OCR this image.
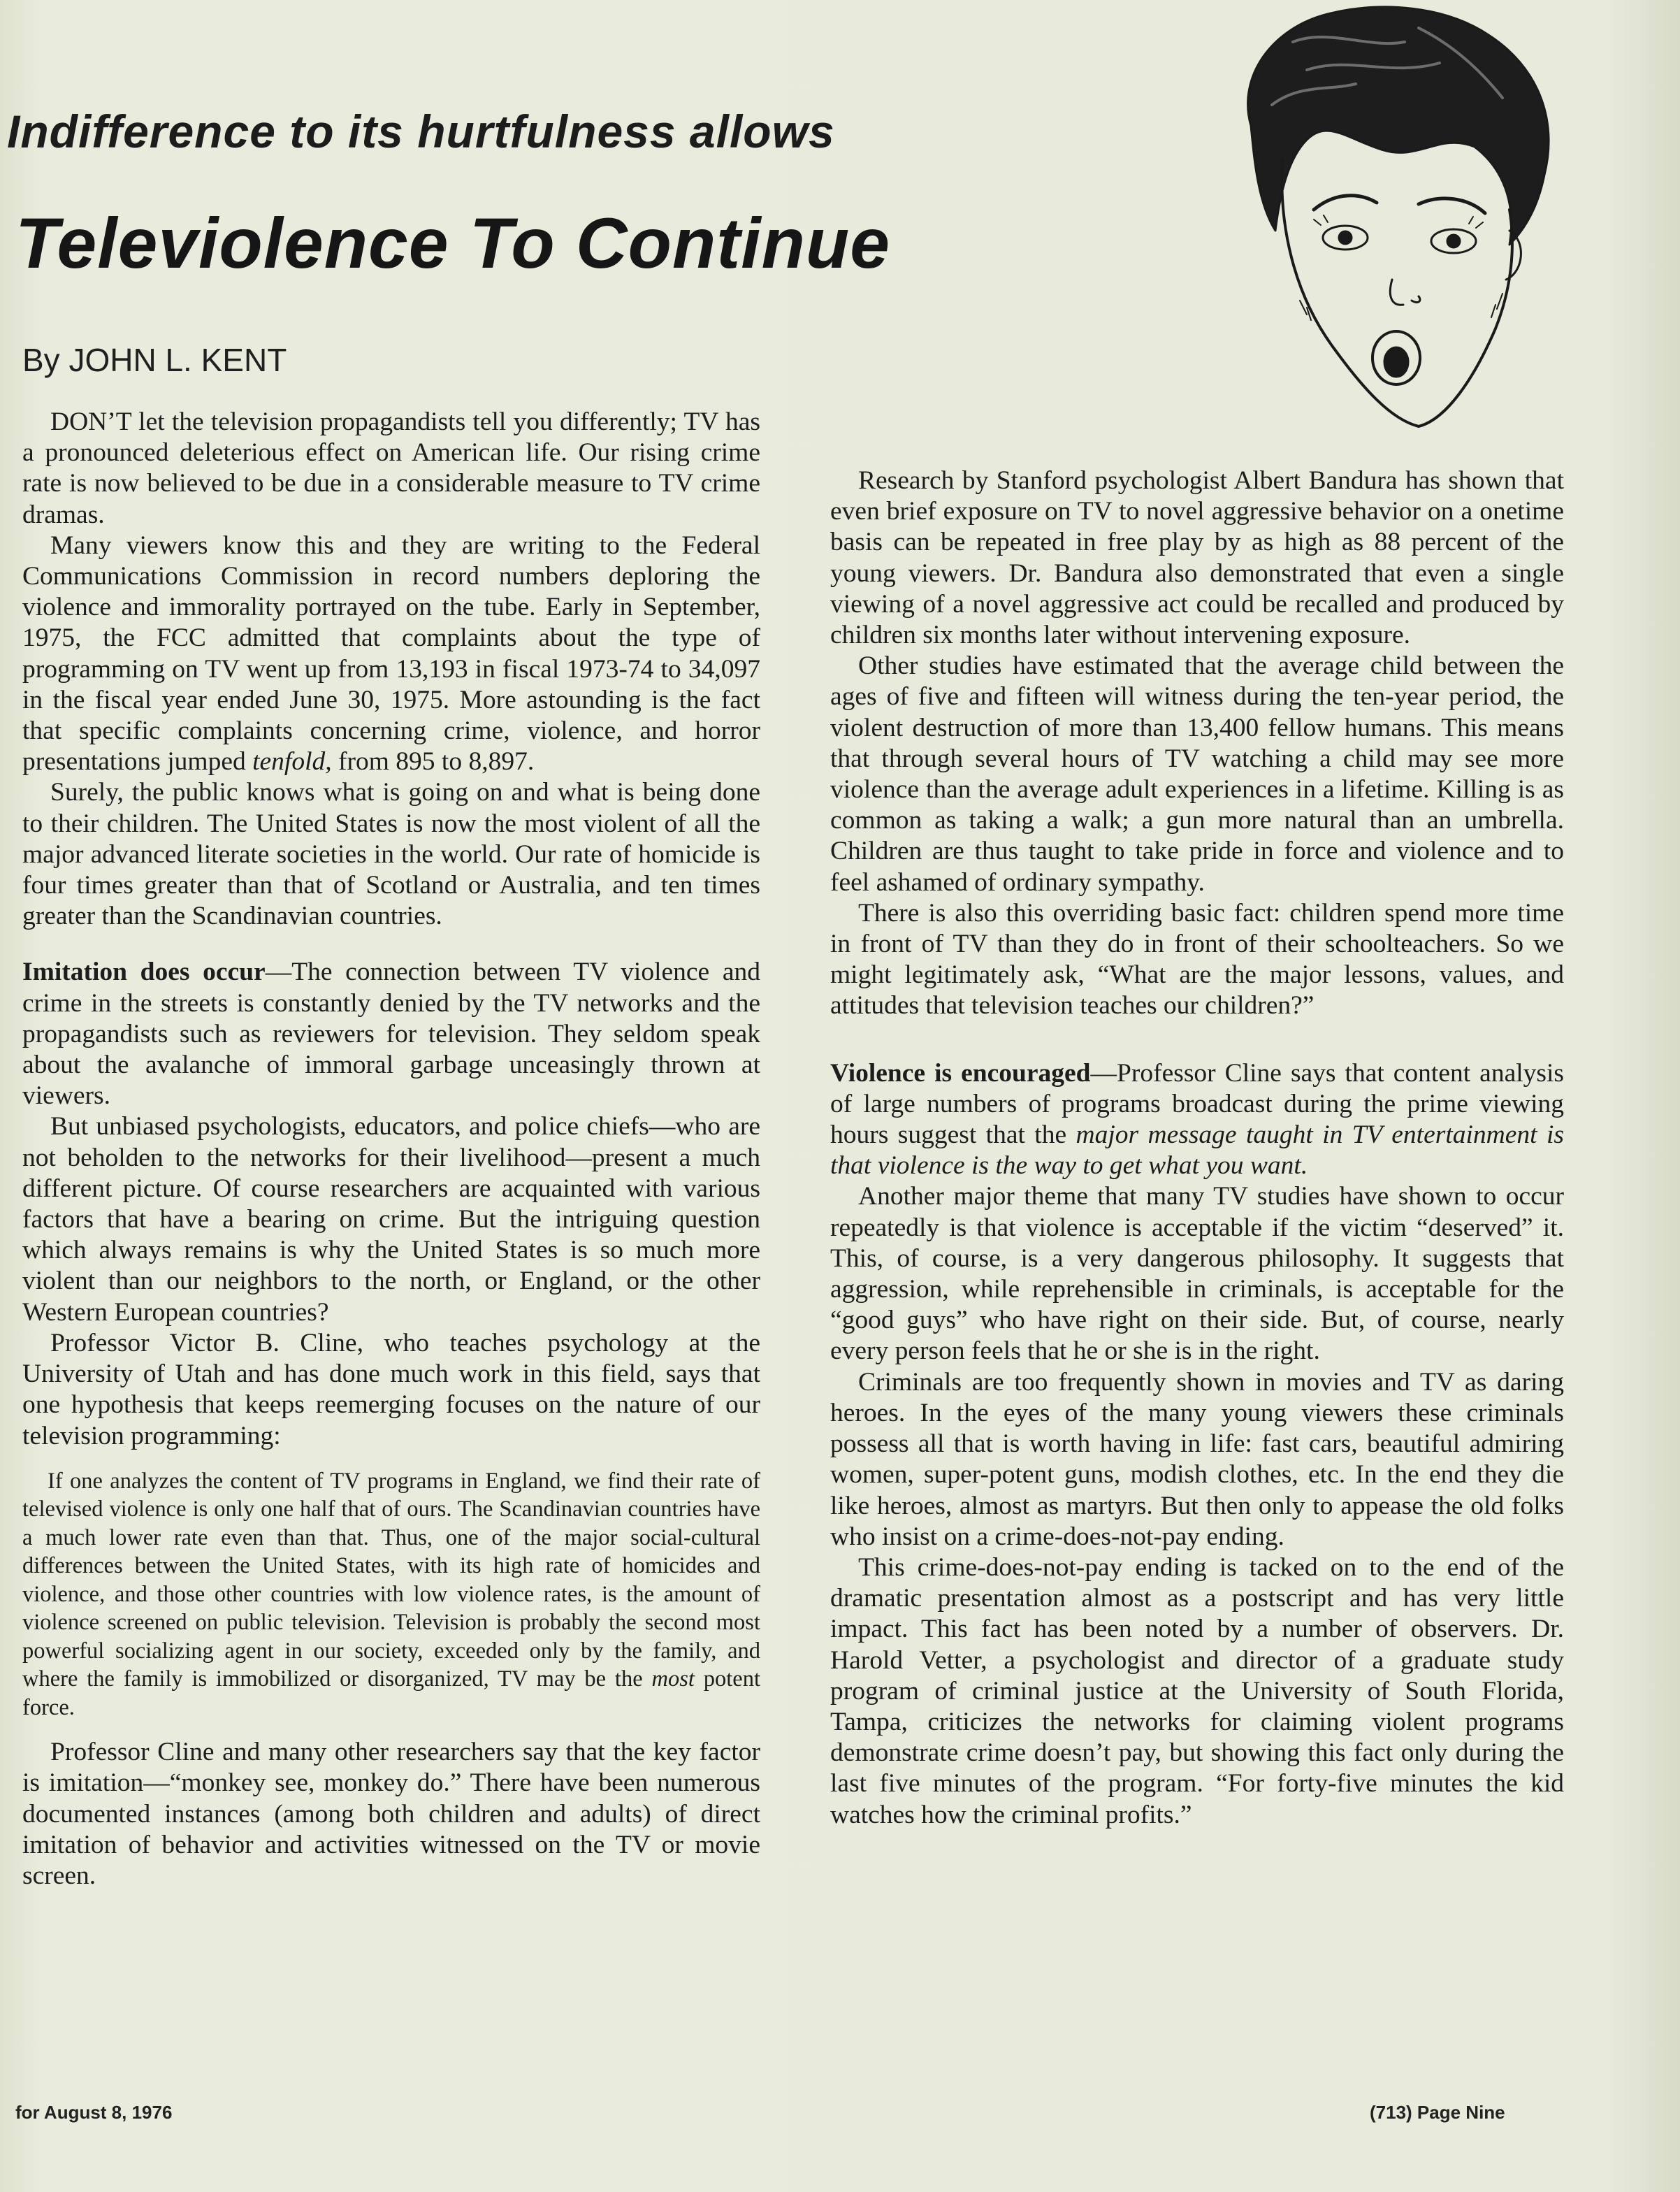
Indifference to its hurtfulness allows
Televiolence To Continue
By JOHN L. KENT

DON’T let the television propagandists tell you differently; TV has a pronounced deleterious effect on American life. Our rising crime rate is now believed to be due in a considerable measure to TV crime dramas.

Many viewers know this and they are writing to the Federal Communications Commission in record numbers deploring the violence and immorality portrayed on the tube. Early in September, 1975, the FCC admitted that complaints about the type of programming on TV went up from 13,193 in fiscal 1973-74 to 34,097 in the fiscal year ended June 30, 1975. More astounding is the fact that specific complaints concerning crime, violence, and horror presentations jumped tenfold, from 895 to 8,897.

Surely, the public knows what is going on and what is being done to their children. The United States is now the most violent of all the major advanced literate societies in the world. Our rate of homicide is four times greater than that of Scotland or Australia, and ten times greater than the Scandinavian countries.

Imitation does occur—The connection between TV violence and crime in the streets is constantly denied by the TV networks and the propagandists such as reviewers for television. They seldom speak about the avalanche of immoral garbage unceasingly thrown at viewers.

But unbiased psychologists, educators, and police chiefs—who are not beholden to the networks for their livelihood—present a much different picture. Of course researchers are acquainted with various factors that have a bearing on crime. But the intriguing question which always remains is why the United States is so much more violent than our neighbors to the north, or England, or the other Western European countries?

Professor Victor B. Cline, who teaches psychology at the University of Utah and has done much work in this field, says that one hypothesis that keeps reemerging focuses on the nature of our television programming:

If one analyzes the content of TV programs in England, we find their rate of televised violence is only one half that of ours. The Scandinavian countries have a much lower rate even than that. Thus, one of the major social-cultural differences between the United States, with its high rate of homicides and violence, and those other countries with low violence rates, is the amount of violence screened on public television. Television is probably the second most powerful socializing agent in our society, exceeded only by the family, and where the family is immobilized or disorganized, TV may be the most potent force.

Professor Cline and many other researchers say that the key factor is imitation—“monkey see, monkey do.” There have been numerous documented instances (among both children and adults) of direct imitation of behavior and activities witnessed on the TV or movie screen.

Research by Stanford psychologist Albert Bandura has shown that even brief exposure on TV to novel aggressive behavior on a onetime basis can be repeated in free play by as high as 88 percent of the young viewers. Dr. Bandura also demonstrated that even a single viewing of a novel aggressive act could be recalled and produced by children six months later without intervening exposure.

Other studies have estimated that the average child between the ages of five and fifteen will witness during the ten-year period, the violent destruction of more than 13,400 fellow humans. This means that through several hours of TV watching a child may see more violence than the average adult experiences in a lifetime. Killing is as common as taking a walk; a gun more natural than an umbrella. Children are thus taught to take pride in force and violence and to feel ashamed of ordinary sympathy.

There is also this overriding basic fact: children spend more time in front of TV than they do in front of their schoolteachers. So we might legitimately ask, “What are the major lessons, values, and attitudes that television teaches our children?”

Violence is encouraged—Professor Cline says that content analysis of large numbers of programs broadcast during the prime viewing hours suggest that the major message taught in TV entertainment is that violence is the way to get what you want.

Another major theme that many TV studies have shown to occur repeatedly is that violence is acceptable if the victim “deserved” it. This, of course, is a very dangerous philosophy. It suggests that aggression, while reprehensible in criminals, is acceptable for the “good guys” who have right on their side. But, of course, nearly every person feels that he or she is in the right.

Criminals are too frequently shown in movies and TV as daring heroes. In the eyes of the many young viewers these criminals possess all that is worth having in life: fast cars, beautiful admiring women, super-potent guns, modish clothes, etc. In the end they die like heroes, almost as martyrs. But then only to appease the old folks who insist on a crime-does-not-pay ending.

This crime-does-not-pay ending is tacked on to the end of the dramatic presentation almost as a postscript and has very little impact. This fact has been noted by a number of observers. Dr. Harold Vetter, a psychologist and director of a graduate study program of criminal justice at the University of South Florida, Tampa, criticizes the networks for claiming violent programs demonstrate crime doesn’t pay, but showing this fact only during the last five minutes of the program. “For forty-five minutes the kid watches how the criminal profits.”

for August 8, 1976	(713) Page Nine
